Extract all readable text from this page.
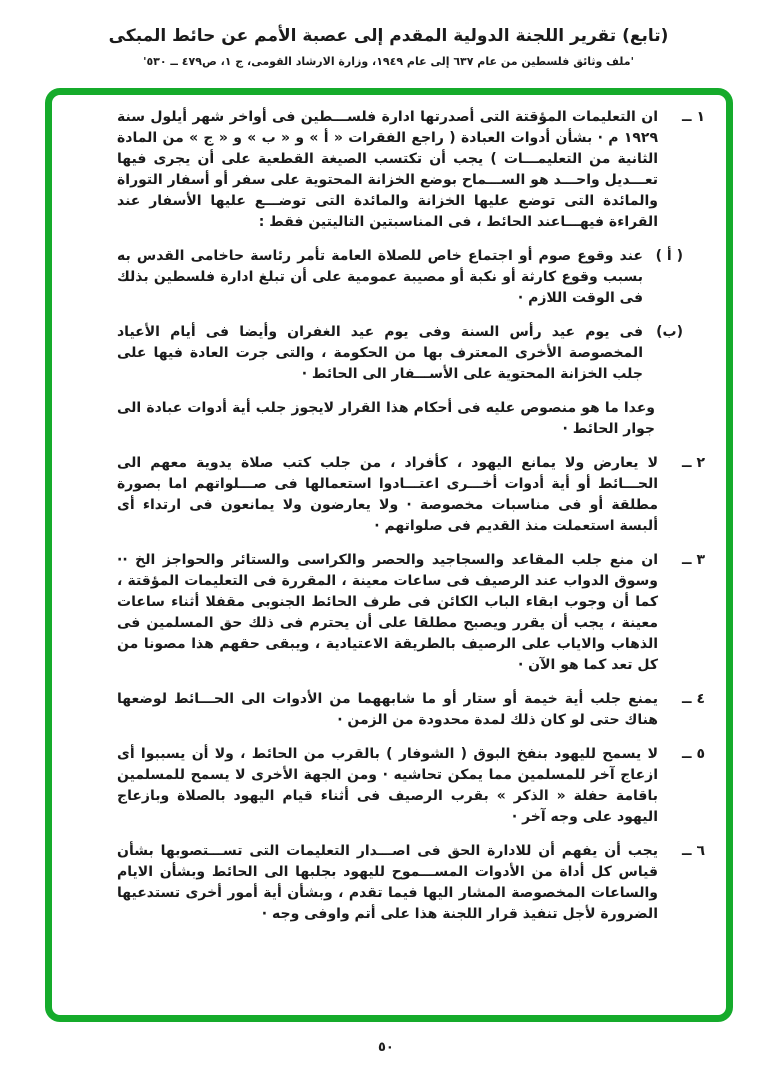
(تابع) تقرير اللجنة الدولية المقدم إلى عصبة الأمم عن حائط المبكى
'ملف وثائق فلسطين من عام ٦٣٧ إلى عام ١٩٤٩، وزارة الارشاد القومى، ج ١، ص٤٧٩ ــ ٥٣٠'
١ ــ
ان التعليمات المؤقتة التى أصدرتها ادارة فلســـطين فى أواخر شهر أيلول سنة ١٩٢٩ م · بشأن أدوات العبادة ( راجع الفقرات « أ » و « ب » و « ج » من المادة الثانية من التعليمـــات ) يجب أن تكتسب الصيغة القطعية على أن يجرى فيها تعـــديل واحـــد هو الســـماح بوضع الخزانة المحتوية على سفر أو أسفار التوراة والمائدة التى توضع عليها الخزانة والمائدة التى توضـــع عليها الأسفار عند القراءة فيهـــاعند الحائط ، فى المناسبتين التاليتين فقط :
( أ )
عند وقوع صوم أو اجتماع خاص للصلاة العامة تأمر رئاسة حاخامى القدس به بسبب وقوع كارثة أو نكبة أو مصيبة عمومية على أن تبلغ ادارة فلسطين بذلك فى الوقت اللازم ·
(ب)
فى يوم عيد رأس السنة وفى يوم عيد الغفران وأيضا فى أيام الأعياد المخصوصة الأخرى المعترف بها من الحكومة ، والتى جرت العادة فيها على جلب الخزانة المحتوية على الأســـفار الى الحائط ·
وعدا ما هو منصوص عليه فى أحكام هذا القرار لايجوز جلب أية أدوات عبادة الى جوار الحائط ·
٢ ــ
لا يعارض ولا يمانع اليهود ، كأفراد ، من جلب كتب صلاة يدوية معهم الى الحـــائط أو أية أدوات أخـــرى اعتـــادوا استعمالها فى صـــلواتهم اما بصورة مطلقة أو فى مناسبات مخصوصة · ولا يعارضون ولا يمانعون فى ارتداء أى ألبسة استعملت منذ القديم فى صلواتهم ·
٣ ــ
ان منع جلب المقاعد والسجاجيد والحصر والكراسى والستائر والحواجز الخ ·· وسوق الدواب عند الرصيف فى ساعات معينة ، المقررة فى التعليمات المؤقتة ، كما أن وجوب ابقاء الباب الكائن فى طرف الحائط الجنوبى مقفلا أثناء ساعات معينة ، يجب أن يقرر ويصبح مطلقا على أن يحترم فى ذلك حق المسلمين فى الذهاب والاياب على الرصيف بالطريقة الاعتيادية ، ويبقى حقهم هذا مصونا من كل تعد كما هو الآن ·
٤ ــ
يمنع جلب أية خيمة أو ستار أو ما شابههما من الأدوات الى الحـــائط لوضعها هناك حتى لو كان ذلك لمدة محدودة من الزمن ·
٥ ــ
لا يسمح لليهود بنفخ البوق ( الشوفار ) بالقرب من الحائط ، ولا أن يسببوا أى ازعاج آخر للمسلمين مما يمكن تحاشيه · ومن الجهة الأخرى لا يسمح للمسلمين باقامة حفلة « الذكر » بقرب الرصيف فى أثناء قيام اليهود بالصلاة وبازعاج اليهود على وجه آخر ·
٦ ــ
يجب أن يفهم أن للادارة الحق فى اصـــدار التعليمات التى تســـتصوبها بشأن قياس كل أداة من الأدوات المســـموح لليهود بجلبها الى الحائط وبشأن الايام والساعات المخصوصة المشار اليها فيما تقدم ، وبشأن أية أمور أخرى تستدعيها الضرورة لأجل تنفيذ قرار اللجنة هذا على أتم واوفى وجه ·
٥٠
